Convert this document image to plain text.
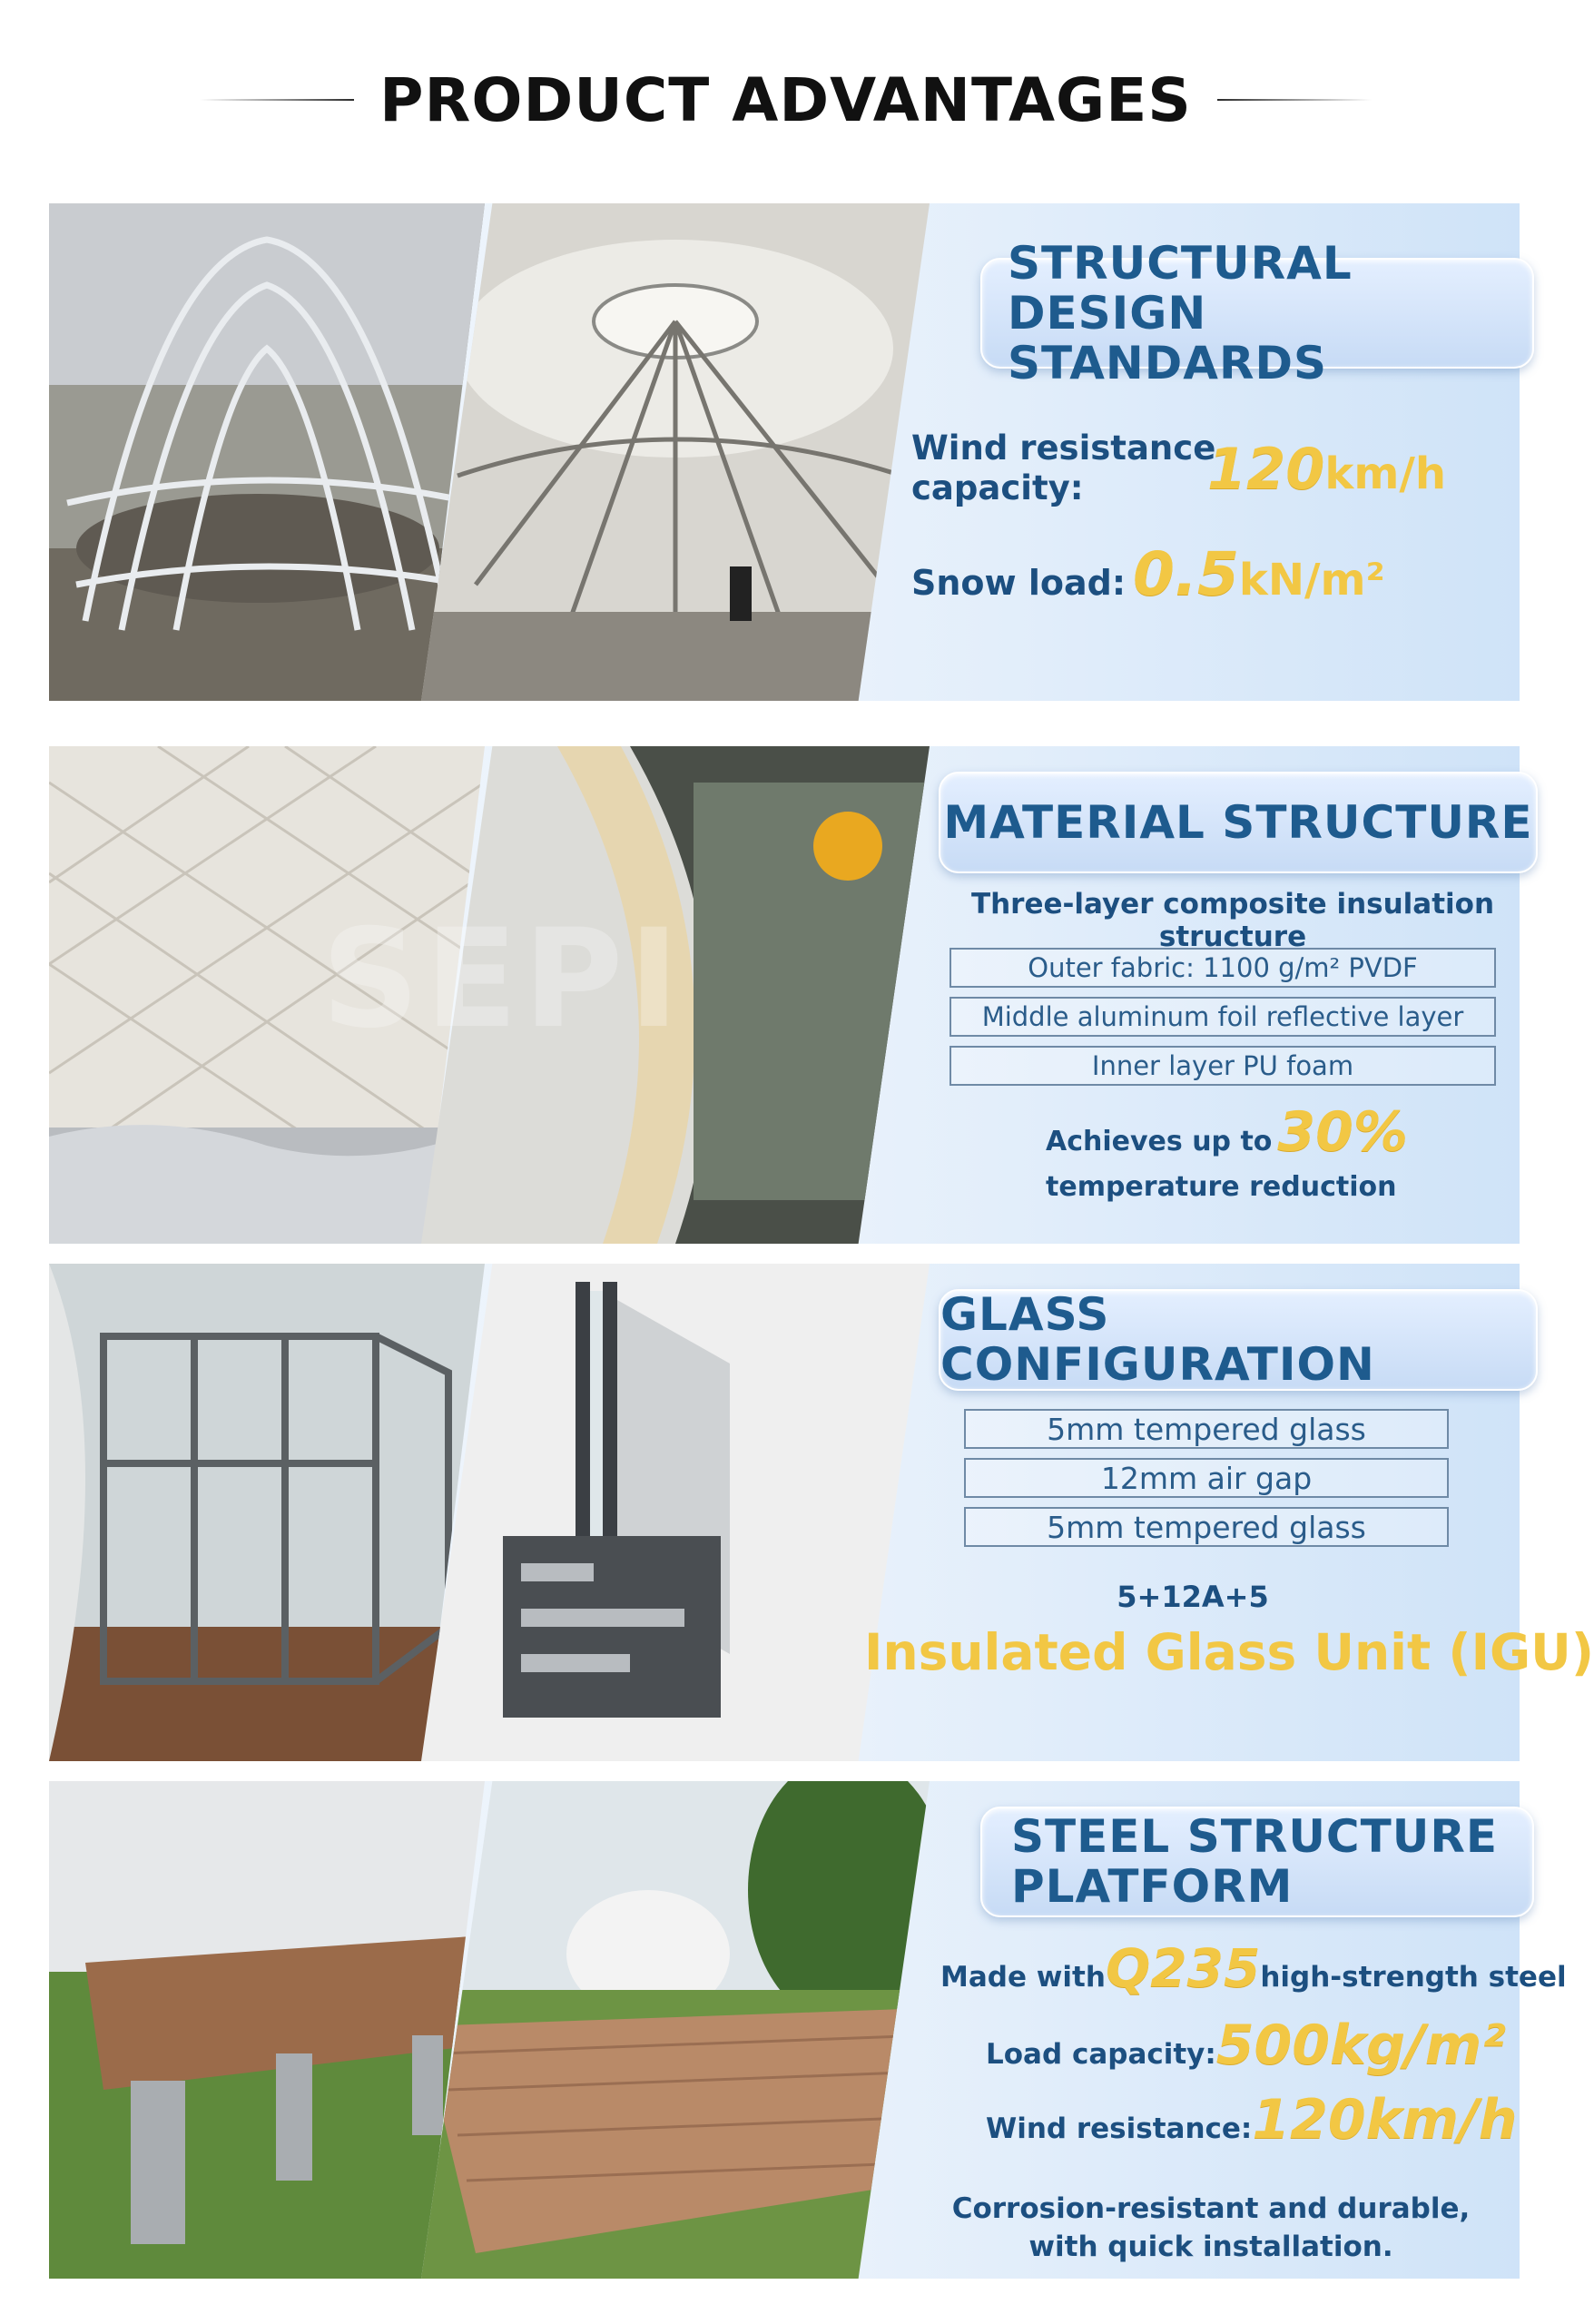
PRODUCT ADVANTAGES
STRUCTURAL DESIGN
STANDARDS
Wind resistance
capacity:	120km/h
Snow load: 0.5kN/m²
SEPI
MATERIAL STRUCTURE
Three-layer composite insulation structure
Outer fabric: 1100 g/m² PVDF
Middle aluminum foil reflective layer
Inner layer PU foam
Achieves up to 30%
temperature reduction
GLASS CONFIGURATION
5mm tempered glass
12mm air gap
5mm tempered glass
5+12A+5
Insulated Glass Unit (IGU)
STEEL STRUCTURE
PLATFORM
Made withQ235high-strength steel
Load capacity:500kg/m²
Wind resistance:120km/h
Corrosion-resistant and durable,
with quick installation.
